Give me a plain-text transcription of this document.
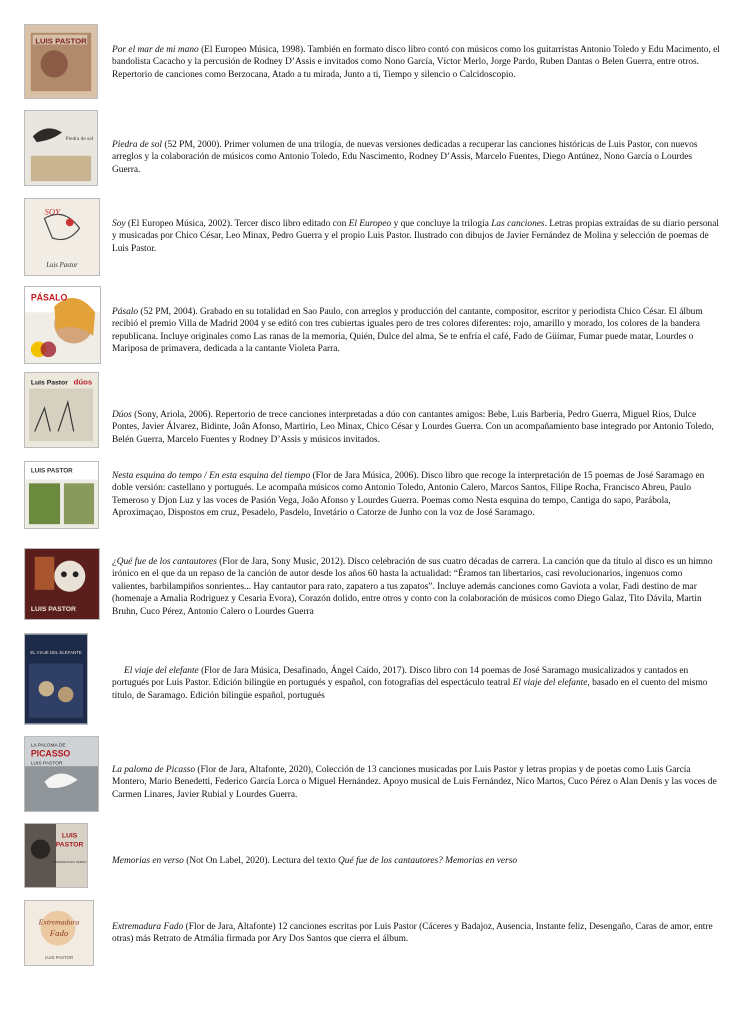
LUIS PASTOR
Por el mar de mi mano (El Europeo Música, 1998). También en formato disco libro contó con músicos como los guitarristas Antonio Toledo y Edu Macimento, el bandolista Cacacho y la percusión de Rodney D’Assis e invitados como Nono García, Víctor Merlo, Jorge Pardo, Ruben Dantas o Belen Guerra, entre otros. Repertorio de canciones como Berzocana, Atado a tu mirada, Junto a ti, Tiempo y silencio o Calcidoscopio.
Piedra de sol
Piedra de sol (52 PM, 2000). Primer volumen de una trilogía, de nuevas versiones dedicadas a recuperar las canciones históricas de Luis Pastor, con nuevos arreglos y la colaboración de músicos como Antonio Toledo, Edu Nascimento, Rodney D’Assis, Marcelo Fuentes, Diego Antúnez, Nono García o Lourdes Guerra.
SOY
Luis Pastor
Soy (El Europeo Música, 2002). Tercer disco libro editado con El Europeo y que concluye la trilogía Las canciones. Letras propias extraídas de su diario personal y musicadas por Chico César, Leo Minax, Pedro Guerra y el propio Luis Pastor. Ilustrado con dibujos de Javier Fernández de Molina y selección de poemas de Luis Pastor.
PÁSALO
Pásalo (52 PM, 2004). Grabado en su totalidad en Sao Paulo, con arreglos y producción del cantante, compositor, escritor y periodista Chico César. El álbum recibió el premio Villa de Madrid 2004 y se editó con tres cubiertas iguales pero de tres colores diferentes: rojo, amarillo y morado, los colores de la bandera republicana. Incluye originales como Las ranas de la memoria, Quién, Dulce del alma, Se te enfría el café, Fado de Güímar, Fumar puede matar, Lourdes o Mariposa de primavera, dedicada a la cantante Violeta Parra.
Luis Pastor dúos
Dúos (Sony, Ariola, 2006). Repertorio de trece canciones interpretadas a dúo con cantantes amigos: Bebe, Luis Barbería, Pedro Guerra, Miguel Ríos, Dulce Pontes, Javier Álvarez, Bidinte, Joân Afonso, Martirio, Leo Minax, Chico César y Lourdes Guerra. Con un acompañamiento base integrado por Antonio Toledo, Belén Guerra, Marcelo Fuentes y Rodney D’Assis y músicos invitados.
LUIS PASTOR	Nesta esquina do tempo / En esta esquina del tiempo (Flor de Jara Música, 2006). Disco libro que recoge la interpretación de 15 poemas de José Saramago en doble versión: castellano y portugués. Le acompaña músicos como Antonio Toledo, Antonio Calero, Marcos Santos, Filipe Rocha, Francisco Abreu, Paulo Temeroso y Djon Luz y las voces de Pasión Vega, João Afonso y Lourdes Guerra. Poemas como Nesta esquina do tempo, Cantiga do sapo, Parábola, Aproximaçao, Dispostos em cruz, Pesadelo, Pasdelo, Invetário o Catorze de Junho con la voz de José Saramago.
LUIS PASTOR
¿Qué fue de los cantautores (Flor de Jara, Sony Music, 2012). Disco celebración de sus cuatro décadas de carrera. La canción que da título al disco es un himno irónico en el que da un repaso de la canción de autor desde los años 60 hasta la actualidad: “Éramos tan libertarios, casi revolucionarios, ingenuos como valientes, barbilampiños sonrientes... Hay cantautor para rato, zapatero a tus zapatos”. Incluye además canciones como Gaviota a volar, Fadi destino de mar (homenaje a Amalia Rodriguez y Cesaria Evora), Corazón dolido, entre otros y conto con la colaboración de músicos como Diego Galaz, Tito Dávila, Martin Bruhn, Cuco Pérez, Antonio Calero o Lourdes Guerra
EL VIAJE DEL ELEFANTE
El viaje del elefante (Flor de Jara Música, Desafinado, Ángel Caído, 2017). Disco libro con 14 poemas de José Saramago musicalizados y cantados en portugués por Luis Pastor. Edición bilingüe en portugués y español, con fotografías del espectáculo teatral El viaje del elefante, basado en el cuento del mismo título, de Saramago. Edición bilingüe español, portugués
LA PALOMA DE
PICASSO
LUIS PASTOR
La paloma de Picasso (Flor de Jara, Altafonte, 2020), Colección de 13 canciones musicadas por Luis Pastor y letras propias y de poetas como Luis García Montero, Mario Benedetti, Federico García Lorca o Miguel Hernández. Apoyo musical de Luis Fernández, Nico Martos, Cuco Pérez o Alan Denis y las voces de Carmen Linares, Javier Rubial y Lourdes Guerra.
LUIS
PASTOR
MEMORIAS EN VERSO	Memorias en verso (Not On Label, 2020). Lectura del texto Qué fue de los cantautores? Memorias en verso
Extremadura
Fado
LUIS PASTOR
Extremadura Fado (Flor de Jara, Altafonte) 12 canciones escritas por Luis Pastor (Cáceres y Badajoz, Ausencia, Instante feliz, Desengaño, Caras de amor, entre otras) más Retrato de Atmália firmada por Ary Dos Santos que cierra el álbum.
